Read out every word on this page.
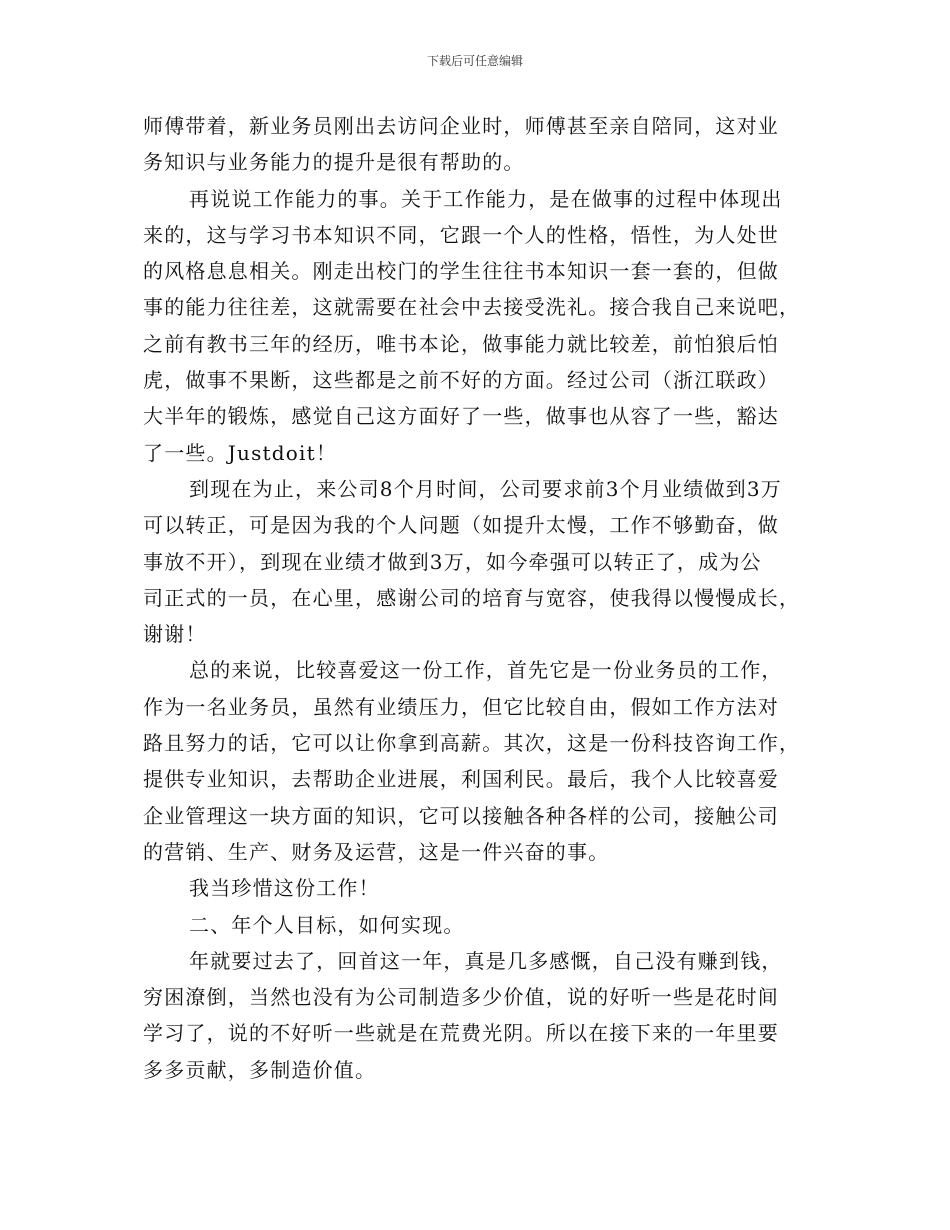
下载后可任意编辑
师傅带着，新业务员刚出去访问企业时，师傅甚至亲自陪同，这对业
务知识与业务能力的提升是很有帮助的。
再说说工作能力的事。关于工作能力，是在做事的过程中体现出
来的，这与学习书本知识不同，它跟一个人的性格，悟性，为人处世
的风格息息相关。刚走出校门的学生往往书本知识一套一套的，但做
事的能力往往差，这就需要在社会中去接受洗礼。接合我自己来说吧，
之前有教书三年的经历，唯书本论，做事能力就比较差，前怕狼后怕
虎，做事不果断，这些都是之前不好的方面。经过公司（浙江联政）
大半年的锻炼，感觉自己这方面好了一些，做事也从容了一些，豁达
了一些。Justdoit！
到现在为止，来公司8个月时间，公司要求前3个月业绩做到3万
可以转正，可是因为我的个人问题（如提升太慢，工作不够勤奋，做
事放不开），到现在业绩才做到3万，如今牵强可以转正了，成为公
司正式的一员，在心里，感谢公司的培育与宽容，使我得以慢慢成长，
谢谢！
总的来说，比较喜爱这一份工作，首先它是一份业务员的工作，
作为一名业务员，虽然有业绩压力，但它比较自由，假如工作方法对
路且努力的话，它可以让你拿到高薪。其次，这是一份科技咨询工作，
提供专业知识，去帮助企业进展，利国利民。最后，我个人比较喜爱
企业管理这一块方面的知识，它可以接触各种各样的公司，接触公司
的营销、生产、财务及运营，这是一件兴奋的事。
我当珍惜这份工作！
二、年个人目标，如何实现。
年就要过去了，回首这一年，真是几多感慨，自己没有赚到钱，
穷困潦倒，当然也没有为公司制造多少价值，说的好听一些是花时间
学习了，说的不好听一些就是在荒费光阴。所以在接下来的一年里要
多多贡献，多制造价值。
